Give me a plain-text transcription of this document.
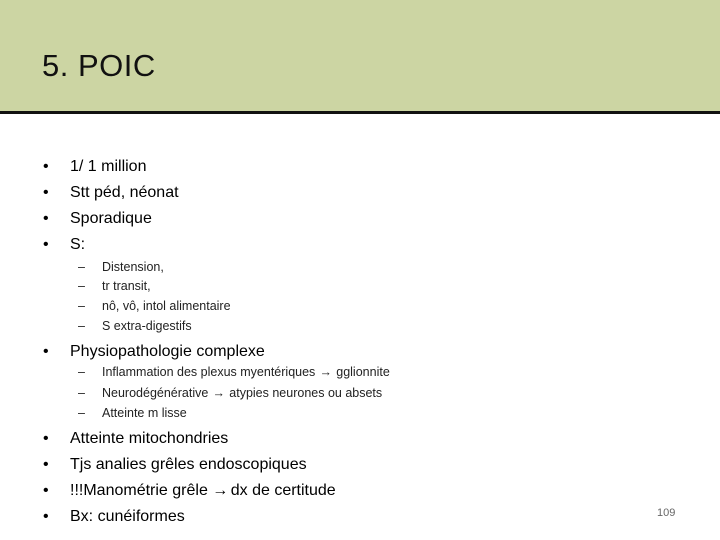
5. POIC
• 1/ 1 million
• Stt péd, néonat
• Sporadique
• S:
– Distension,
– tr transit,
– nô, vô, intol alimentaire
– S extra-digestifs
• Physiopathologie complexe
– Inflammation des plexus myentériques → gglionnite
– Neurodégénérative → atypies neurones ou absets
– Atteinte m lisse
• Atteinte mitochondries
• Tjs analies grêles endoscopiques
• !!!Manométrie grêle → dx de certitude
• Bx: cunéiformes	109
